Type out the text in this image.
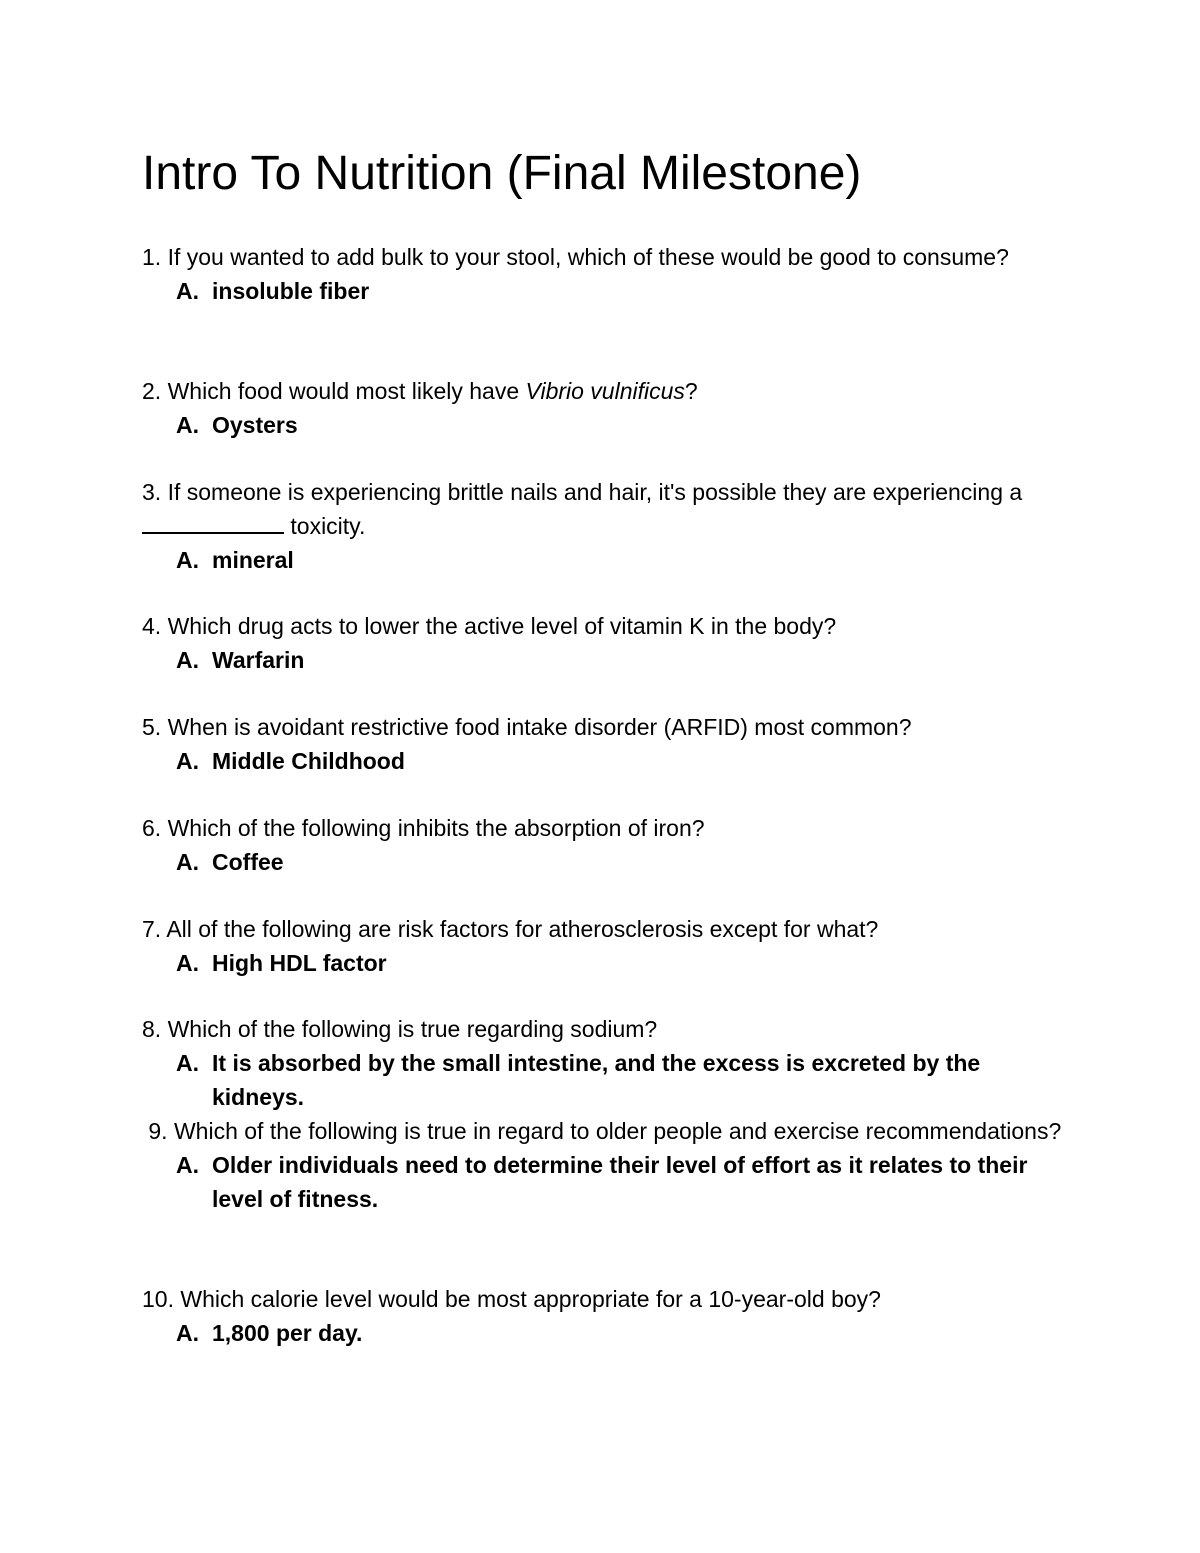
Intro To Nutrition (Final Milestone)

1. If you wanted to add bulk to your stool, which of these would be good to consume?

A. insoluble fiber

2. Which food would most likely have Vibrio vulnificus?

A. Oysters

3. If someone is experiencing brittle nails and hair, it's possible they are experiencing a  toxicity.

A. mineral

4. Which drug acts to lower the active level of vitamin K in the body?

A. Warfarin

5. When is avoidant restrictive food intake disorder (ARFID) most common?

A. Middle Childhood

6. Which of the following inhibits the absorption of iron?

A. Coffee

7. All of the following are risk factors for atherosclerosis except for what?

A. High HDL factor

8. Which of the following is true regarding sodium?

A. It is absorbed by the small intestine, and the excess is excreted by the kidneys.

9. Which of the following is true in regard to older people and exercise recommendations?

A. Older individuals need to determine their level of effort as it relates to their level of fitness.

10. Which calorie level would be most appropriate for a 10-year-old boy?

A. 1,800 per day.
